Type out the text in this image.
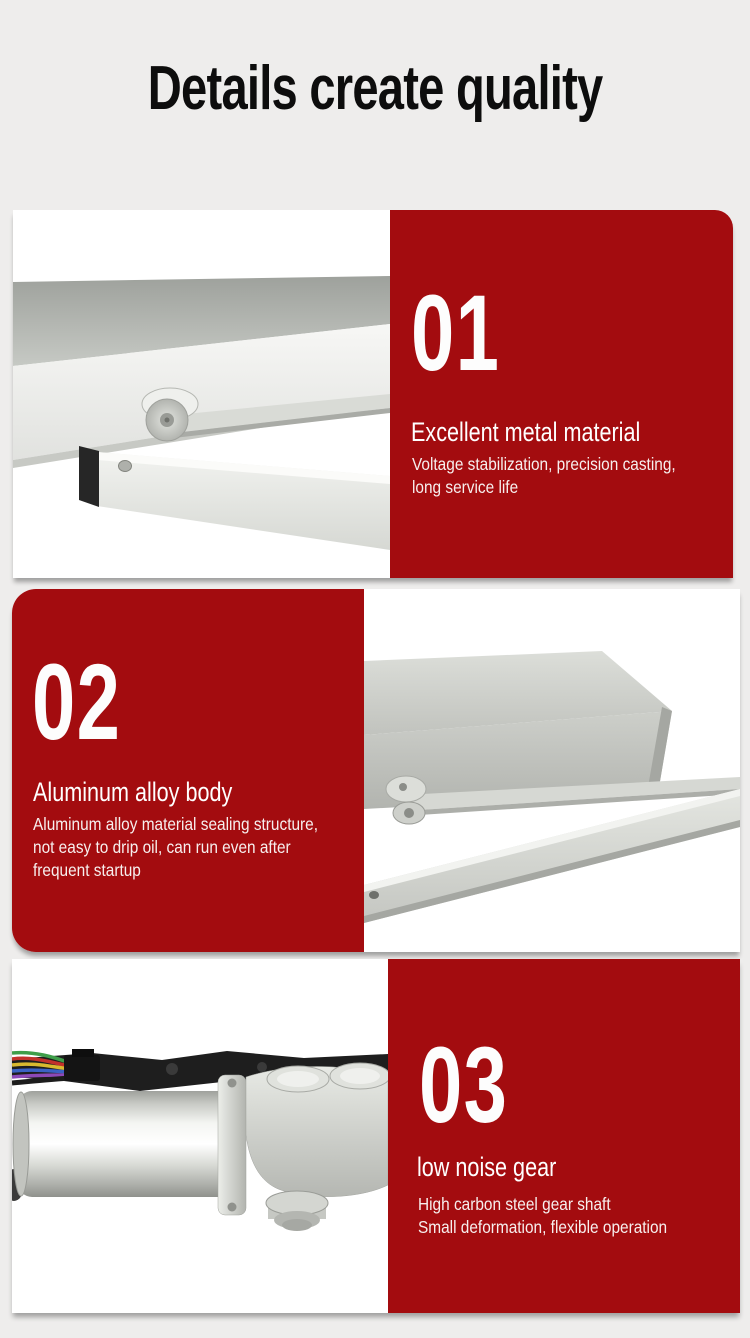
Details create quality
01
Excellent metal material

Voltage stabilization, precision casting,
long service life

02
Aluminum alloy body

Aluminum alloy material sealing structure,
not easy to drip oil, can run even after
frequent startup

03
low noise gear

High carbon steel gear shaft
Small deformation, flexible operation
